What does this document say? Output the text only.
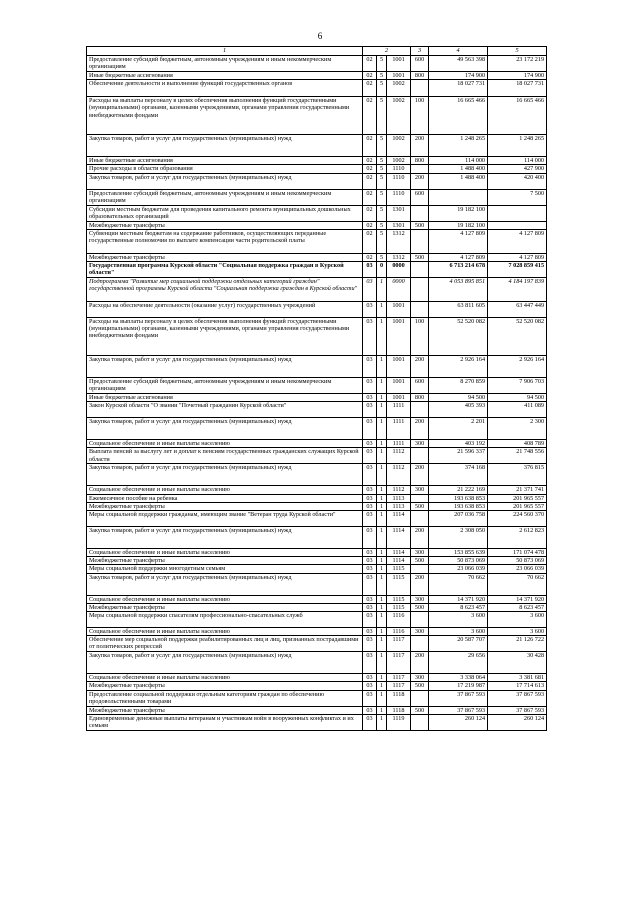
6
1	2			3	4	5
Предоставление субсидий бюджетным, автономным учреждениям и иным некоммерческим организациям	02	5	1001	600	49 563 398	23 172 219
Иные бюджетные ассигнования	02	5	1001	800	174 900	174 900
Обеспечение деятельности и выполнение функций государственных органов	02	5	1002		18 027 731	18 027 731
Расходы на выплаты персоналу в целях обеспечения выполнения функций государственными (муниципальными) органами, казенными учреждениями, органами управления государственными внебюджетными фондами	02	5	1002	100	16 665 466	16 665 466
Закупка товаров, работ и услуг для государственных (муниципальных) нужд	02	5	1002	200	1 248 265	1 248 265
Иные бюджетные ассигнования	02	5	1002	800	114 000	114 000
Прочие расходы в области образования	02	5	1110		1 488 400	427 900
Закупка товаров, работ и услуг для государственных (муниципальных) нужд	02	5	1110	200	1 488 400	420 400
Предоставление субсидий бюджетным, автономным учреждениям и иным некоммерческим организациям	02	5	1110	600		7 500
Субсидии местным бюджетам для проведения капитального ремонта муниципальных дошкольных образовательных организаций	02	5	1301		19 182 100	
Межбюджетные трансферты	02	5	1301	500	19 182 100	
Субвенции местным бюджетам на содержание работников, осуществляющих переданные государственные полномочия по выплате компенсации части родительской платы	02	5	1312		4 127 809	4 127 809
Межбюджетные трансферты	02	5	1312	500	4 127 809	4 127 809
Государственная программа Курской области "Социальная поддержка граждан в Курской области"	03	0	0000		6 713 214 678	7 028 859 415
Подпрограмма "Развитие мер социальной поддержки отдельных категорий граждан" государственной программы Курской области "Социальная поддержка граждан в Курской области"	03	1	0000		4 053 895 851	4 184 197 839
Расходы на обеспечение деятельности (оказание услуг) государственных учреждений	03	1	1001		63 811 605	63 447 449
Расходы на выплаты персоналу в целях обеспечения выполнения функций государственными (муниципальными) органами, казенными учреждениями, органами управления государственными внебюджетными фондами	03	1	1001	100	52 520 082	52 520 082
Закупка товаров, работ и услуг для государственных (муниципальных) нужд	03	1	1001	200	2 926 164	2 926 164
Предоставление субсидий бюджетным, автономным учреждениям и иным некоммерческим организациям	03	1	1001	600	8 270 859	7 906 703
Иные бюджетные ассигнования	03	1	1001	800	94 500	94 500
Закон Курской области "О звании "Почетный гражданин Курской области"	03	1	1111		405 393	411 089
Закупка товаров, работ и услуг для государственных (муниципальных) нужд	03	1	1111	200	2 201	2 300
Социальное обеспечение и иные выплаты населению	03	1	1111	300	403 192	408 789
Выплата пенсий за выслугу лет и доплат к пенсиям государственных гражданских служащих Курской области	03	1	1112		21 596 337	21 748 556
Закупка товаров, работ и услуг для государственных (муниципальных) нужд	03	1	1112	200	374 168	376 815
Социальное обеспечение и иные выплаты населению	03	1	1112	300	21 222 169	21 371 741
Ежемесячное пособие на ребенка	03	1	1113		193 638 853	201 965 557
Межбюджетные трансферты	03	1	1113	500	193 638 853	201 965 557
Меры социальной поддержки гражданам, имеющим звание "Ветеран труда Курской области"	03	1	1114		207 036 758	224 560 370
Закупка товаров, работ и услуг для государственных (муниципальных) нужд	03	1	1114	200	2 308 050	2 612 823
Социальное обеспечение и иные выплаты населению	03	1	1114	300	153 855 639	171 074 478
Межбюджетные трансферты	03	1	1114	500	50 873 069	50 873 069
Меры социальной поддержки многодетным семьям	03	1	1115		23 066 039	23 066 039
Закупка товаров, работ и услуг для государственных (муниципальных) нужд	03	1	1115	200	70 662	70 662
Социальное обеспечение и иные выплаты населению	03	1	1115	300	14 371 920	14 371 920
Межбюджетные трансферты	03	1	1115	500	8 623 457	8 623 457
Меры социальной поддержки спасателям профессионально-спасательных служб	03	1	1116		3 600	3 600
Социальное обеспечение и иные выплаты населению	03	1	1116	300	3 600	3 600
Обеспечение мер социальной поддержки реабилитированных лиц и лиц, признанных пострадавшими от политических репрессий	03	1	1117		20 587 707	21 126 722
Закупка товаров, работ и услуг для государственных (муниципальных) нужд	03	1	1117	200	29 656	30 428
Социальное обеспечение и иные выплаты населению	03	1	1117	300	3 338 064	3 381 681
Межбюджетные трансферты	03	1	1117	500	17 219 987	17 714 613
Предоставление социальной поддержки отдельным категориям граждан по обеспечению продовольственными товарами	03	1	1118		37 867 593	37 867 593
Межбюджетные трансферты	03	1	1118	500	37 867 593	37 867 593
Единовременные денежные выплаты ветеранам и участникам войн в вооруженных конфликтах и их семьям	03	1	1119		260 124	260 124
